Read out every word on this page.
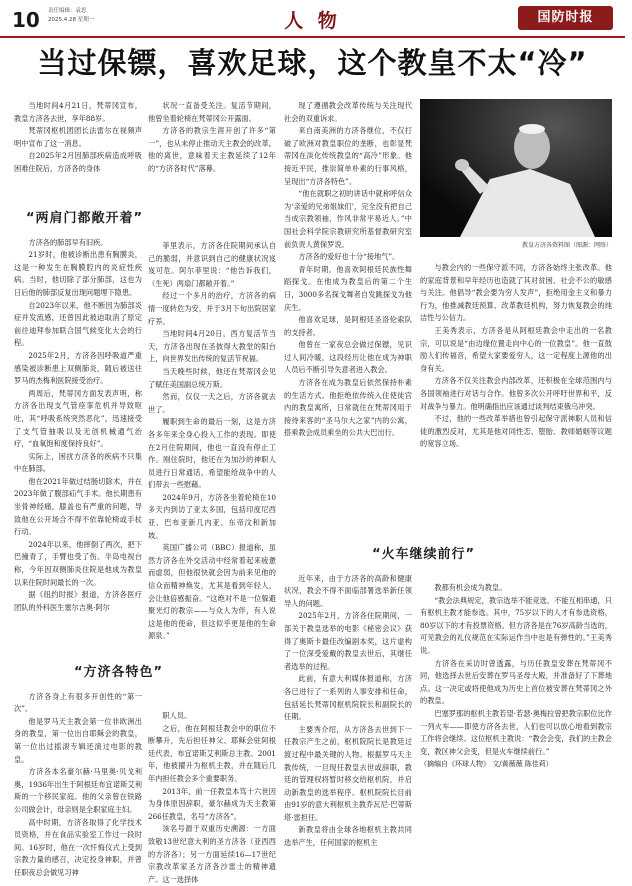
10 责任编辑：袁思
2025.4.28 星期一	人 物	国防时报
当过保镖，喜欢足球，这个教皇不太“冷”

当地时间4月21日，梵蒂冈宣布，教皇方济各去世，享年88岁。

梵蒂冈枢机团团长法雷尔在视频声明中宣布了这一消息。

自2025年2月因肺部疾病造成呼吸困难住院后，方济各的身体

“两肩门都敞开着”

方济各的肺部早有旧疾。

21岁时，他被诊断出患有胸膜炎，这是一种发生在胸膜腔内的炎症性疾病。当时，他切除了部分肺部，这也为日后他的肺部反复出现问题埋下隐患。

自2023年以来，他不断因为肺部炎症并发流感，还曾因此被迫取消了原定前往迪拜参加联合国气候变化大会的行程。

2025年2月，方济各因呼吸道严重感染被诊断患上双侧肺炎，随后被送往罗马的杰梅利医院接受治疗。

两周后，梵蒂冈方面发表声明，称方济各出现支气管痉挛危机并导致呕吐，其“呼吸系统突然恶化”，迅速接受了支气管抽吸以及无创机械通气治疗，“血氧饱和度保持良好”。

实际上，困扰方济各的疾病不只集中在肺部。

他在2021年做过结肠切除术，并在2023年做了腹部疝气手术。他长期患有坐骨神经痛，膝盖也有严重的问题，导致他在公开场合不得不依靠轮椅或手杖行动。

2024年以来，他摔倒了两次，把下巴撞青了，手臂也受了伤。半岛电视台称，今年因双侧肺炎住院是他成为教皇以来住院时间最长的一次。

据《纽约时报》报道，方济各医疗团队的外科医生塞尔吉奥·阿尔

“方济各特色”

方济各身上有很多开创性的“第一次”。

他是罗马天主教会第一位非欧洲出身的教皇，第一位出自耶稣会的教皇，第一位出过摇滚专辑还演过电影的教皇。

方济各本名豪尔赫·马里奥·贝戈利奥，1936年出生于阿根廷布宜诺斯艾利斯的一个移民家庭。他的父亲曾在铁路公司做会计，母亲则是全职家庭主妇。

高中时期，方济各取得了化学技术员资格，并在食品实验室工作过一段时间。16岁时，他在一次忏悔仪式上受到宗教力量的感召，决定投身神职，并曾任职夜总会做见习神

状况一直备受关注。复活节期间，他曾坐着轮椅在梵蒂冈公开露面。

方济各的教宗生涯开创了许多“第一”，也从未停止推动天主教会的改革。他的离世，意味着天主教延续了12年的“方济各时代”落幕。

菲里表示，方济各住院期间承认自己的脆弱，并意识到自己的健康状况岌岌可危。阿尔菲里说：“他告诉我们，（生死）两扇门都敞开着。”

经过一个多月的治疗，方济各的病情一度转危为安，并于3月下旬出院居家疗养。

当地时间4月20日，西方复活节当天，方济各出现在圣彼得大教堂的阳台上，向世界发出传统的复活节祝福。

当天晚些时候，他还在梵蒂冈会见了赋任美国副总统万斯。

然而，仅仅一天之后，方济各就去世了。

履职到生命的最后一刻，这是方济各多年来全身心投入工作的表现。即使在2月住院期间，他也一直没有停止工作。刚住院时，他还在为加沙的神职人员进行日常通话，希望能给战争中的人们带去一些慰藉。

2024年9月，方济各坐着轮椅在10多天内到访了亚太多国，包括印度尼西亚、巴布亚新几内亚、东帝汶和新加坡。

英国广播公司（BBC）报道称，虽然方济各在外交活动中经常着起来疲惫而虚弱，但他很快就会因为前来见他的信众而精神焕发，尤其是看到年轻人，会让他倍感振奋。“这绝对不是一位躲避聚光灯的教宗——与众人为伴，有人说这是他的使命，但这似乎更是他的生命源泉。”

职人员。

之后，他在阿根廷教会中的职位不断攀升，先后担任神父、耶稣会驻阿根廷代表、布宜诺斯艾利斯总主教。2001年，他被擢升为枢机主教，并在随后几年内担任教会多个重要职务。

2013年，前一任教皇本笃十六世因为身体原因辞职，豪尔赫成为天主教第266任教皇，名号“方济各”。

该名号源于双重历史溯源：一方面致敬13世纪意大利的圣方济各（亚西西的方济各）；另一方面延续16—17世纪宗教改革家圣方济各沙雷士的精神遗产。这一选择体

现了遵循教会改革传统与关注现代社会的双重诉求。

来自南美洲的方济各继位，不仅打破了欧洲对教皇职位的垄断，也彰显梵蒂冈在淡化传统教皇的“高冷”形象。他接近平民，推崇简单朴素的行事风格，呈现出“方济各特色”。

“他在就职之初的讲话中就称呼信众为‘亲爱的兄弟姐妹们’，完全没有把自己当成宗教领袖，作风非常平易近人。”中国社会科学院宗教研究所基督教研究室前负责人黄保罗说。

方济各的爱好也十分“接地气”。

青年时期，他喜欢阿根廷民族性舞蹈探戈。在他成为教皇后的第二个生日，3000多名探戈舞者自发跳探戈为他庆生。

他喜欢足球，是阿根廷圣洛伦索队的支持者。

他曾在一家夜总会做过保镖，见识过人间冷暖，这段经历让他在成为神职人员后不断引导失意者进入教会。

方济各在成为教皇后依然保持朴素的生活方式。他拒绝依传统入住使徒宫内的教皇寓所，日常就住在梵蒂冈用于接待来客的“圣马尔大之家”内的公寓，搭乘教会成员乘坐的公共大巴出行。

“火车继续前行”

近年来，由于方济各的高龄和健康状况，教会不得不面临部署选举新任领导人的问题。

2025年2月，方济各住院期间，一部关于教皇选举的电影《秘密会议》获得了奥斯卡最佳改编剧本奖，这片虚构了一位深受爱戴的教皇去世后，其继任者选举的过程。

此前，有意大利媒体报道称，方济各已进行了一系列的人事安排和任命，包括延长梵蒂冈枢机院院长和副院长的任期。

主要秀介绍，从方济各去世到下一任教宗产生之前，枢机院院长是教廷过渡过程中最关键的人物。根据罗马天主教传统，一旦现任教皇去世或辞职，教廷的管理权将暂时移交给枢机院，并启动新教皇的选举程序。枢机院院长目前由91岁的意大利枢机主教乔瓦尼·巴蒂斯塔·雷担任。

新教皇将由全球各地枢机主教共同选举产生，任何国家的枢机主

教皇方济各资料图（图源：网络）

与教会内的一些保守派不同，方济各始终主张改革。他的家庭背景和早年经历也造就了其对贫困、社会不公的敏感与关注。他倡导“教会要为穷人发声”，拒绝用金主义和暴力行为，他推减教廷预算、改革教廷机构，努力恢复教会的纯洁性与公信力。

王美秀表示，方济各是从阿根廷教会中走出的一名教宗，可以说是“由边缘位置走向中心的一位教皇”。他一直鼓励人们传福音，希望大家要爱穷人，这一定程度上源他的出身有关。

方济各不仅关注教会内部改革，还积极在全球范围内与各国领袖进行对话与合作。他曾多次公开呼吁世界和平，反对战争与暴力。他明确指出应该通过谈判结束俄乌冲突。

不过，他的一些改革举措也曾引起保守派神职人员和信徒的激烈反对，尤其是他对同性恋、堕胎、教师婚姻等议题的宽容立场。

教都有机会成为教皇。

“教会法典规定，教宗选举不能竞选，不能互相串通，只有枢机主教才能参选。其中，75岁以下的人才有参选资格，80岁以下的才有投票资格。但方济各是在76岁高龄当选的，可见教会的礼仪规范在实际运作当中也是有弹性的。”王美秀说。

方济各在采访时曾透露，与历任教皇安葬在梵蒂冈不同，他选择去世后安葬在罗马圣母大殿，并准备好了下葬地点。这一决定或将使他成为历史上首位被安葬在梵蒂冈之外的教皇。

巴塞罗那的枢机主教若望·若瑟·奥梅拉曾把教宗职位比作一列火车——即使方济各去世，人们也可以放心地看到教宗工作将会继续。这位枢机主教说：“教会会变，我们的主教会变，教区神父会变，但是火车继续前行。”

（摘编自《环球人物》 文/黄薇薇 陈佳莉）
